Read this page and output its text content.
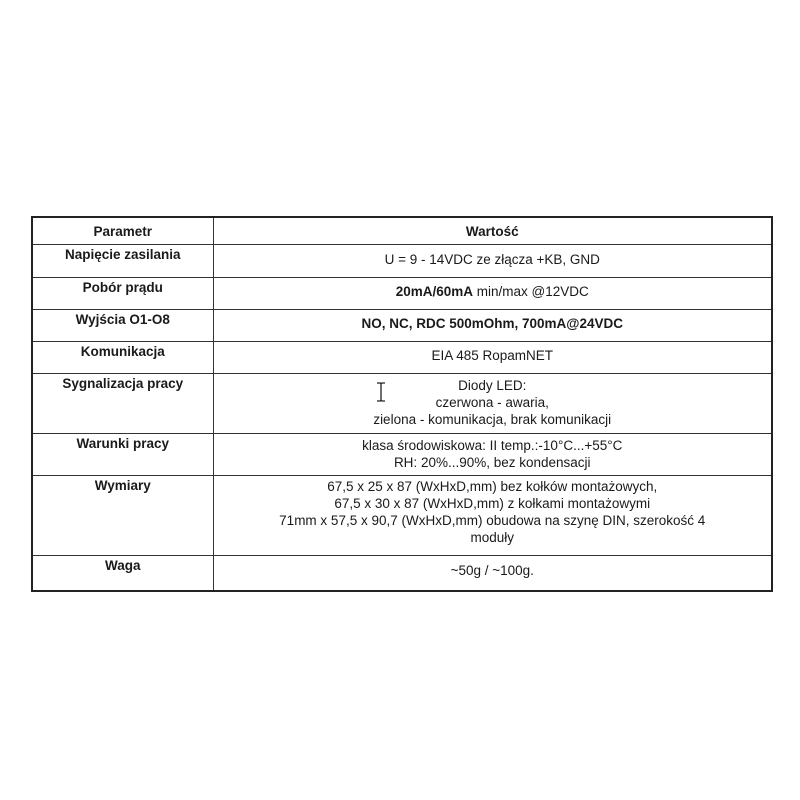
Parametr	Wartość
Napięcie zasilania	U = 9 - 14VDC ze złącza +KB, GND
Pobór prądu	20mA/60mA min/max @12VDC
Wyjścia O1-O8	NO, NC, RDC 500mOhm, 700mA@24VDC
Komunikacja	EIA 485 RopamNET
Sygnalizacja pracy	Diody LED:
czerwona - awaria,
zielona - komunikacja, brak komunikacji

Warunki pracy	klasa środowiskowa: II temp.:-10°C...+55°C
RH: 20%...90%, bez kondensacji

Wymiary	67,5 x 25 x 87 (WxHxD,mm) bez kołków montażowych,
67,5 x 30 x 87 (WxHxD,mm) z kołkami montażowymi
71mm x 57,5 x 90,7 (WxHxD,mm) obudowa na szynę DIN, szerokość 4
moduły

Waga	~50g / ~100g.
